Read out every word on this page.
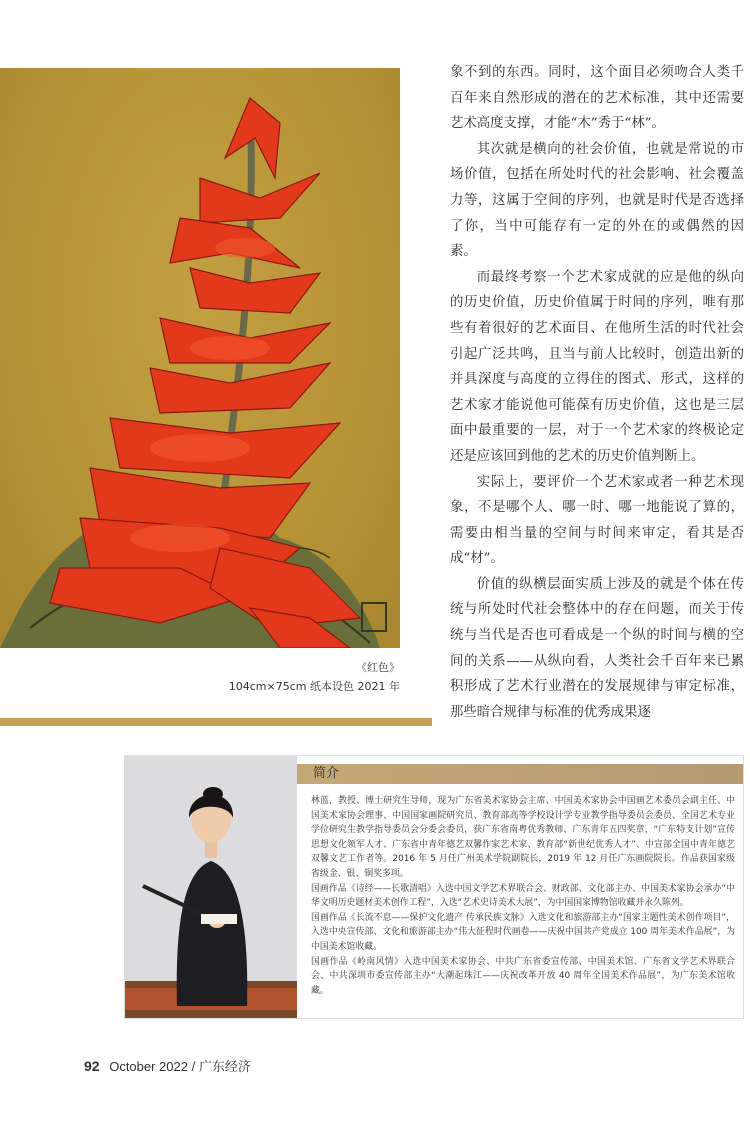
《红色》
104cm×75cm 纸本设色 2021 年

象不到的东西。同时，这个面目必须吻合人类千百年来自然形成的潜在的艺术标准，其中还需要艺术高度支撑，才能“木”秀于“林”。

其次就是横向的社会价值，也就是常说的市场价值，包括在所处时代的社会影响、社会覆盖力等，这属于空间的序列，也就是时代是否选择了你，当中可能存有一定的外在的或偶然的因素。

而最终考察一个艺术家成就的应是他的纵向的历史价值，历史价值属于时间的序列，唯有那些有着很好的艺术面目、在他所生活的时代社会引起广泛共鸣，且当与前人比较时，创造出新的并具深度与高度的立得住的图式、形式，这样的艺术家才能说他可能葆有历史价值，这也是三层面中最重要的一层，对于一个艺术家的终极论定还是应该回到他的艺术的历史价值判断上。

实际上，要评价一个艺术家或者一种艺术现象，不是哪个人、哪一时、哪一地能说了算的，需要由相当量的空间与时间来审定，看其是否成“材”。

价值的纵横层面实质上涉及的就是个体在传统与所处时代社会整体中的存在问题，而关于传统与当代是否也可看成是一个纵的时间与横的空间的关系——从纵向看，人类社会千百年来已累积形成了艺术行业潜在的发展规律与审定标准，那些暗合规律与标准的优秀成果逐

简介

林蓝，教授、博士研究生导师，现为广东省美术家协会主席、中国美术家协会中国画艺术委员会副主任、中国美术家协会理事、中国国家画院研究员、教育部高等学校设计学专业教学指导委员会委员、全国艺术专业学位研究生教学指导委员会分委会委员，获广东省南粤优秀教师、广东青年五四奖章、“广东特支计划”宣传思想文化领军人才、广东省中青年德艺双馨作家艺术家、教育部“新世纪优秀人才”、中宣部全国中青年德艺双馨文艺工作者等。2016 年 5 月任广州美术学院副院长，2019 年 12 月任广东画院院长。作品获国家级省级金、银、铜奖多项。

国画作品《诗经——长歌清唱》入选中国文学艺术界联合会、财政部、文化部主办、中国美术家协会承办“中华文明历史题材美术创作工程”，入选“艺术史诗美术大展”，为中国国家博物馆收藏并永久陈列。

国画作品《长流不息——保护文化遗产 传承民族文脉》入选文化和旅游部主办“国家主题性美术创作项目”，入选中央宣传部、文化和旅游部主办“伟大征程时代画卷——庆祝中国共产党成立 100 周年美术作品展”，为中国美术馆收藏。

国画作品《岭南风情》入选中国美术家协会、中共广东省委宣传部、中国美术馆、广东省文学艺术界联合会、中共深圳市委宣传部主办“大潮起珠江——庆祝改革开放 40 周年全国美术作品展”，为广东美术馆收藏。

92 October 2022 / 广东经济
